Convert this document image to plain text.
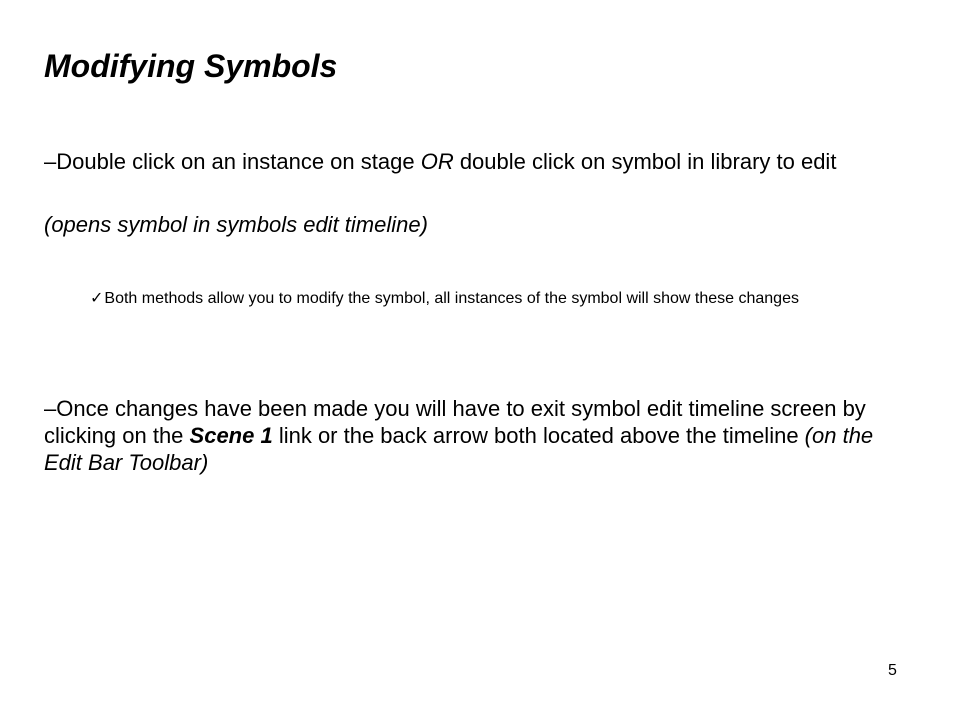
Modifying Symbols

–Double click on an instance on stage OR double click on symbol in library to edit

(opens symbol in symbols edit timeline)

✓Both methods allow you to modify the symbol, all instances of the symbol will show these changes

–Once changes have been made you will have to exit symbol edit timeline screen by clicking on the Scene 1 link or the back arrow both located above the timeline (on the Edit Bar Toolbar)

5
